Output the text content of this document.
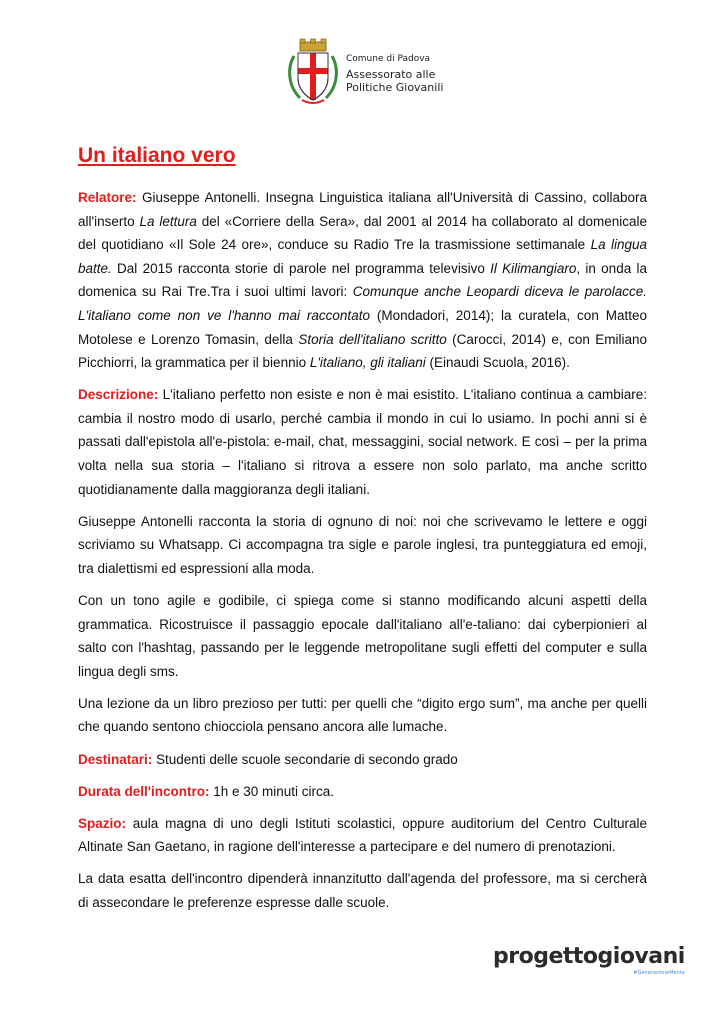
Comune di Padova
Assessorato alle
Politiche Giovanili
Un italiano vero

Relatore: Giuseppe Antonelli. Insegna Linguistica italiana all'Università di Cassino, collabora all'inserto La lettura del «Corriere della Sera», dal 2001 al 2014 ha collaborato al domenicale del quotidiano «Il Sole 24 ore», conduce su Radio Tre la trasmissione settimanale La lingua batte. Dal 2015 racconta storie di parole nel programma televisivo Il Kilimangiaro, in onda la domenica su Rai Tre.Tra i suoi ultimi lavori: Comunque anche Leopardi diceva le parolacce. L'italiano come non ve l'hanno mai raccontato (Mondadori, 2014); la curatela, con Matteo Motolese e Lorenzo Tomasin, della Storia dell'italiano scritto (Carocci, 2014) e, con Emiliano Picchiorri, la grammatica per il biennio L'italiano, gli italiani (Einaudi Scuola, 2016).

Descrizione: L'italiano perfetto non esiste e non è mai esistito. L'italiano continua a cambiare: cambia il nostro modo di usarlo, perché cambia il mondo in cui lo usiamo. In pochi anni si è passati dall'epistola all'e-pistola: e-mail, chat, messaggini, social network. E così – per la prima volta nella sua storia – l'italiano si ritrova a essere non solo parlato, ma anche scritto quotidianamente dalla maggioranza degli italiani.

Giuseppe Antonelli racconta la storia di ognuno di noi: noi che scrivevamo le lettere e oggi scriviamo su Whatsapp. Ci accompagna tra sigle e parole inglesi, tra punteggiatura ed emoji, tra dialettismi ed espressioni alla moda.

Con un tono agile e godibile, ci spiega come si stanno modificando alcuni aspetti della grammatica. Ricostruisce il passaggio epocale dall'italiano all'e-taliano: dai cyberpionieri al salto con l'hashtag, passando per le leggende metropolitane sugli effetti del computer e sulla lingua degli sms.

Una lezione da un libro prezioso per tutti: per quelli che “digito ergo sum”, ma anche per quelli che quando sentono chiocciola pensano ancora alle lumache.

Destinatari: Studenti delle scuole secondarie di secondo grado

Durata dell'incontro: 1h e 30 minuti circa.

Spazio: aula magna di uno degli Istituti scolastici, oppure auditorium del Centro Culturale Altinate San Gaetano, in ragione dell'interesse a partecipare e del numero di prenotazioni.

La data esatta dell'incontro dipenderà innanzitutto dall'agenda del professore, ma si cercherà di assecondare le preferenze espresse dalle scuole.

progettogiovani
#GenerazioneMente
